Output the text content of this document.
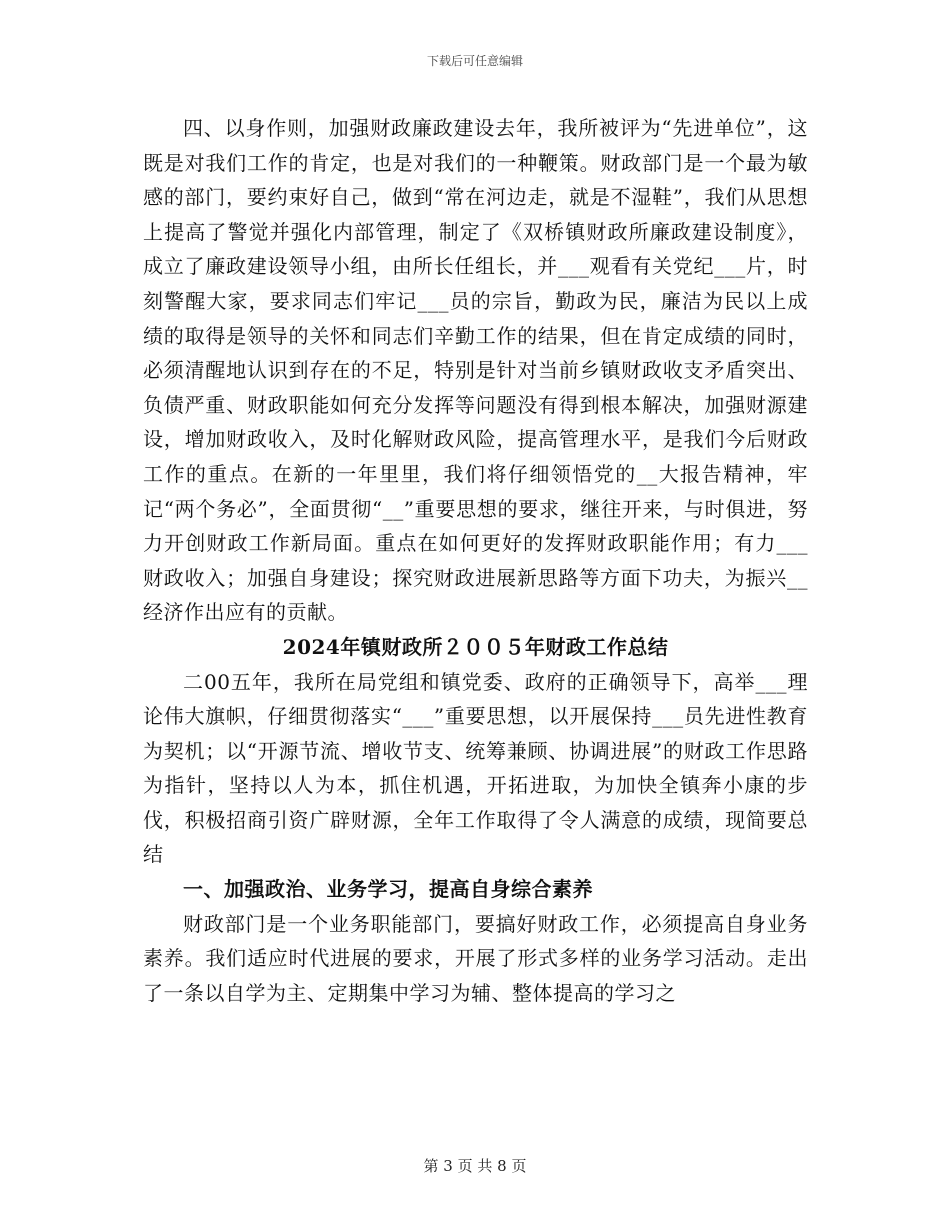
下载后可任意编辑

四、以身作则，加强财政廉政建设去年，我所被评为“先进单位”，这既是对我们工作的肯定，也是对我们的一种鞭策。财政部门是一个最为敏感的部门，要约束好自己，做到“常在河边走，就是不湿鞋”，我们从思想上提高了警觉并强化内部管理，制定了《双桥镇财政所廉政建设制度》，成立了廉政建设领导小组，由所长任组长，并___观看有关党纪___片，时刻警醒大家，要求同志们牢记___员的宗旨，勤政为民，廉洁为民以上成绩的取得是领导的关怀和同志们辛勤工作的结果，但在肯定成绩的同时，必须清醒地认识到存在的不足，特别是针对当前乡镇财政收支矛盾突出、负债严重、财政职能如何充分发挥等问题没有得到根本解决，加强财源建设，增加财政收入，及时化解财政风险，提高管理水平，是我们今后财政工作的重点。在新的一年里里，我们将仔细领悟党的__大报告精神，牢记“两个务必”，全面贯彻“__”重要思想的要求，继往开来，与时俱进，努力开创财政工作新局面。重点在如何更好的发挥财政职能作用；有力___财政收入；加强自身建设；探究财政进展新思路等方面下功夫，为振兴__经济作出应有的贡献。

2024年镇财政所２００５年财政工作总结

二00五年，我所在局党组和镇党委、政府的正确领导下，高举___理论伟大旗帜，仔细贯彻落实“___”重要思想，以开展保持___员先进性教育为契机；以“开源节流、增收节支、统筹兼顾、协调进展”的财政工作思路为指针，坚持以人为本，抓住机遇，开拓进取，为加快全镇奔小康的步伐，积极招商引资广辟财源，全年工作取得了令人满意的成绩，现简要总结

一、加强政治、业务学习，提高自身综合素养

财政部门是一个业务职能部门，要搞好财政工作，必须提高自身业务素养。我们适应时代进展的要求，开展了形式多样的业务学习活动。走出了一条以自学为主、定期集中学习为辅、整体提高的学习之

第 3 页 共 8 页
